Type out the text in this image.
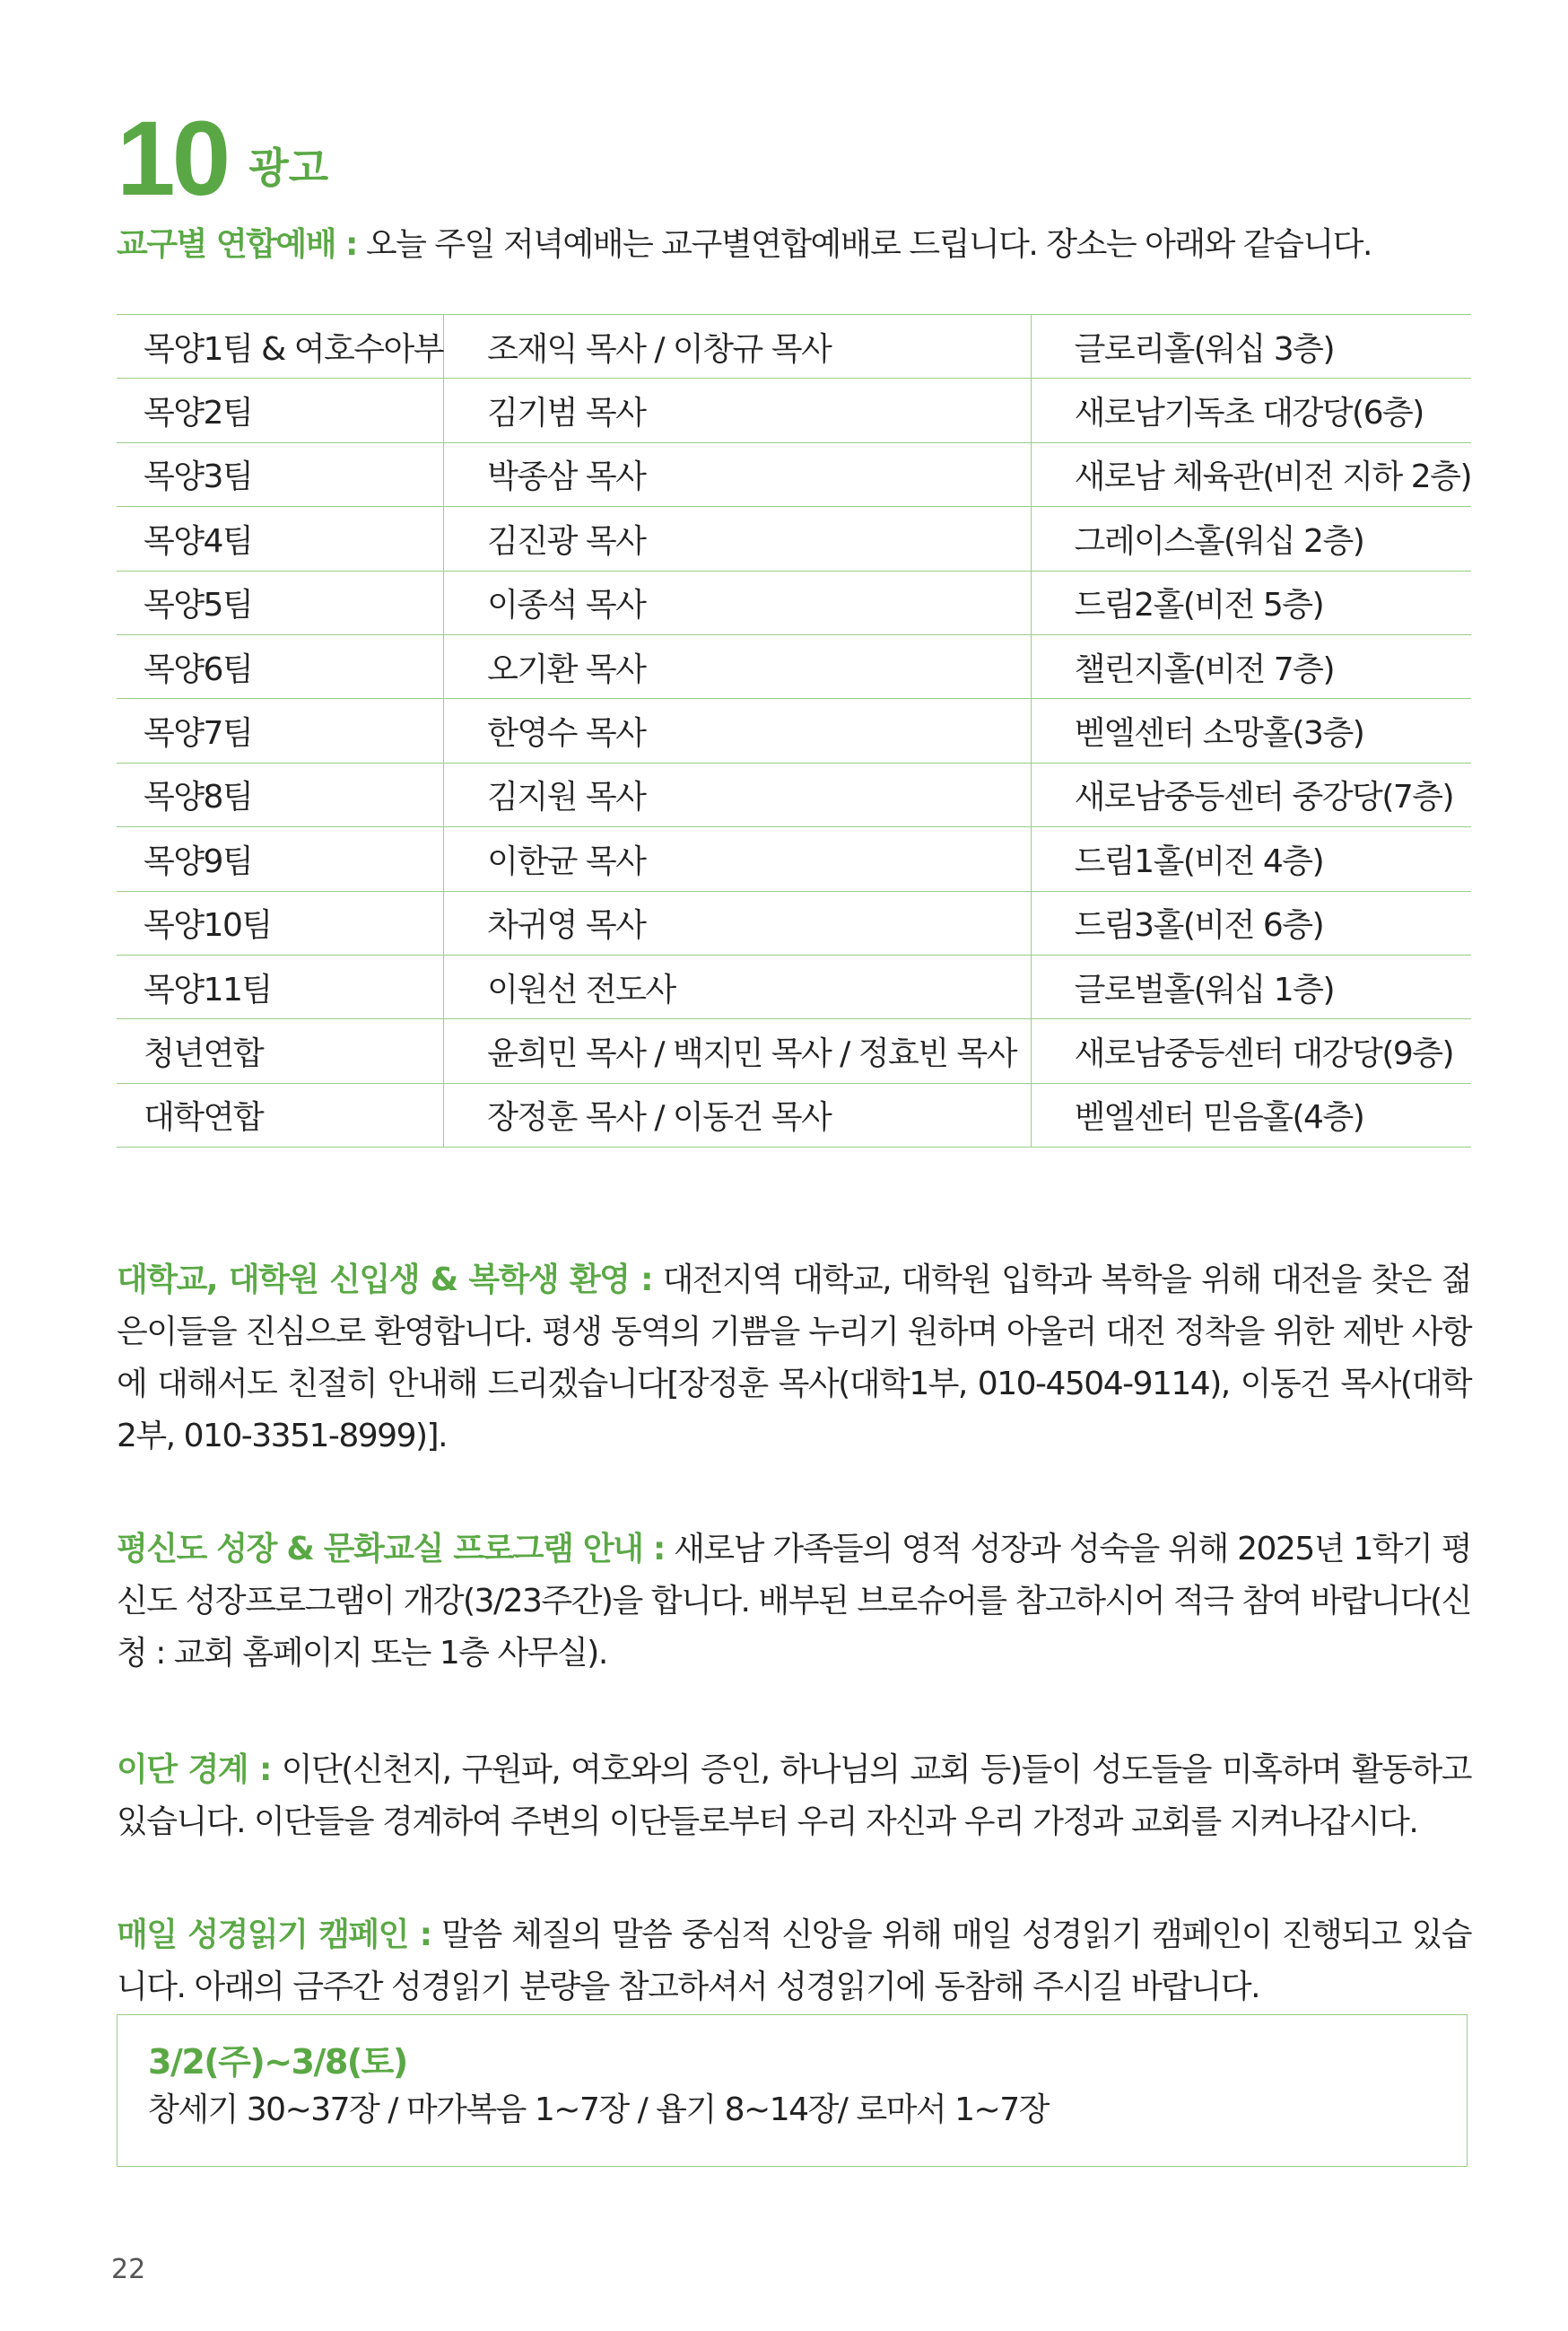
10 광고
교구별 연합예배 : 오늘 주일 저녁예배는 교구별연합예배로 드립니다. 장소는 아래와 같습니다.
목양1팀 & 여호수아부	조재익 목사 / 이창규 목사	글로리홀(워십 3층)
목양2팀	김기범 목사	새로남기독초 대강당(6층)
목양3팀	박종삼 목사	새로남 체육관(비전 지하 2층)
목양4팀	김진광 목사	그레이스홀(워십 2층)
목양5팀	이종석 목사	드림2홀(비전 5층)
목양6팀	오기환 목사	챌린지홀(비전 7층)
목양7팀	한영수 목사	벧엘센터 소망홀(3층)
목양8팀	김지원 목사	새로남중등센터 중강당(7층)
목양9팀	이한균 목사	드림1홀(비전 4층)
목양10팀	차귀영 목사	드림3홀(비전 6층)
목양11팀	이원선 전도사	글로벌홀(워십 1층)
청년연합	윤희민 목사 / 백지민 목사 / 정효빈 목사	새로남중등센터 대강당(9층)
대학연합	장정훈 목사 / 이동건 목사	벧엘센터 믿음홀(4층)

대학교, 대학원 신입생 & 복학생 환영 : 대전지역 대학교, 대학원 입학과 복학을 위해 대전을 찾은 젊은이들을 진심으로 환영합니다. 평생 동역의 기쁨을 누리기 원하며 아울러 대전 정착을 위한 제반 사항에 대해서도 친절히 안내해 드리겠습니다[장정훈 목사(대학1부, 010-4504-9114), 이동건 목사(대학2부, 010-3351-8999)].

평신도 성장 & 문화교실 프로그램 안내 : 새로남 가족들의 영적 성장과 성숙을 위해 2025년 1학기 평신도 성장프로그램이 개강(3/23주간)을 합니다. 배부된 브로슈어를 참고하시어 적극 참여 바랍니다(신청 : 교회 홈페이지 또는 1층 사무실).

이단 경계 : 이단(신천지, 구원파, 여호와의 증인, 하나님의 교회 등)들이 성도들을 미혹하며 활동하고 있습니다. 이단들을 경계하여 주변의 이단들로부터 우리 자신과 우리 가정과 교회를 지켜나갑시다.

매일 성경읽기 캠페인 : 말씀 체질의 말씀 중심적 신앙을 위해 매일 성경읽기 캠페인이 진행되고 있습니다. 아래의 금주간 성경읽기 분량을 참고하셔서 성경읽기에 동참해 주시길 바랍니다.

3/2(주)~3/8(토)
창세기 30~37장 / 마가복음 1~7장 / 욥기 8~14장/ 로마서 1~7장
22
